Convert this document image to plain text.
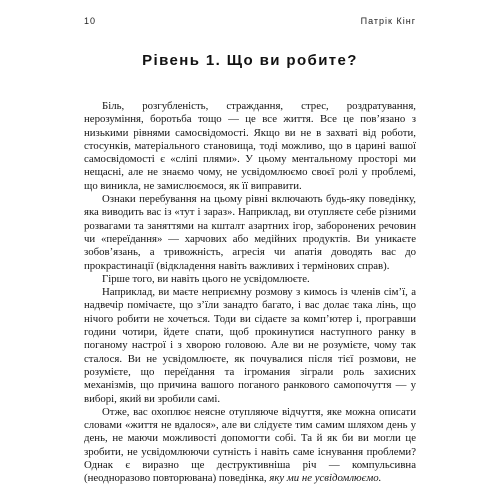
10	Патрік Кінг
Рівень 1. Що ви робите?

Біль, розгубленість, страждання, стрес, роздратування, нерозуміння, боротьба тощо — це все життя. Все це пов’язано з низькими рівнями самосвідомості. Якщо ви не в захваті від роботи, стосунків, матеріального становища, тоді можливо, що в царині вашої самосвідомості є «сліпі плями». У цьому ментальному просторі ми нещасні, але не знаємо чому, не усвідомлюємо своєї ролі у проблемі, що виникла, не замислюємося, як її виправити.

Ознаки перебування на цьому рівні включають будь-яку поведінку, яка виводить вас із «тут і зараз». Наприклад, ви отупляєте себе різними розвагами та заняттями на кшталт азартних ігор, заборонених речовин чи «переїдання» — харчових або медійних продуктів. Ви уникаєте зобов’язань, а тривожність, агресія чи апатія доводять вас до прокрастинації (відкладення навіть важливих і термінових справ).

Гірше того, ви навіть цього не усвідомлюєте.

Наприклад, ви маєте неприємну розмову з кимось із членів сім’ї, а надвечір помічаєте, що з’їли занадто багато, і вас долає така лінь, що нічого робити не хочеться. Тоди ви сідаєте за комп’ютер і, програвши години чотири, йдете спати, щоб прокинутися наступного ранку в поганому настрої і з хворою головою. Але ви не розумієте, чому так сталося. Ви не усвідомлюєте, як почувалися після тієї розмови, не розумієте, що переїдання та ігромания зіграли роль захисних механізмів, що причина вашого поганого ранкового самопочуття — у виборі, який ви зробили самі.

Отже, вас охоплює неясне отупляюче відчуття, яке можна описати словами «життя не вдалося», але ви слідуєте тим самим шляхом день у день, не маючи можливості допомогти собі. Та й як би ви могли це зробити, не усвідомлюючи сутність і навіть саме існування проблеми? Однак є виразно ще деструктивніша річ — компульсивна (неодноразово повторювана) поведінка, яку ми не усвідомлюємо.
